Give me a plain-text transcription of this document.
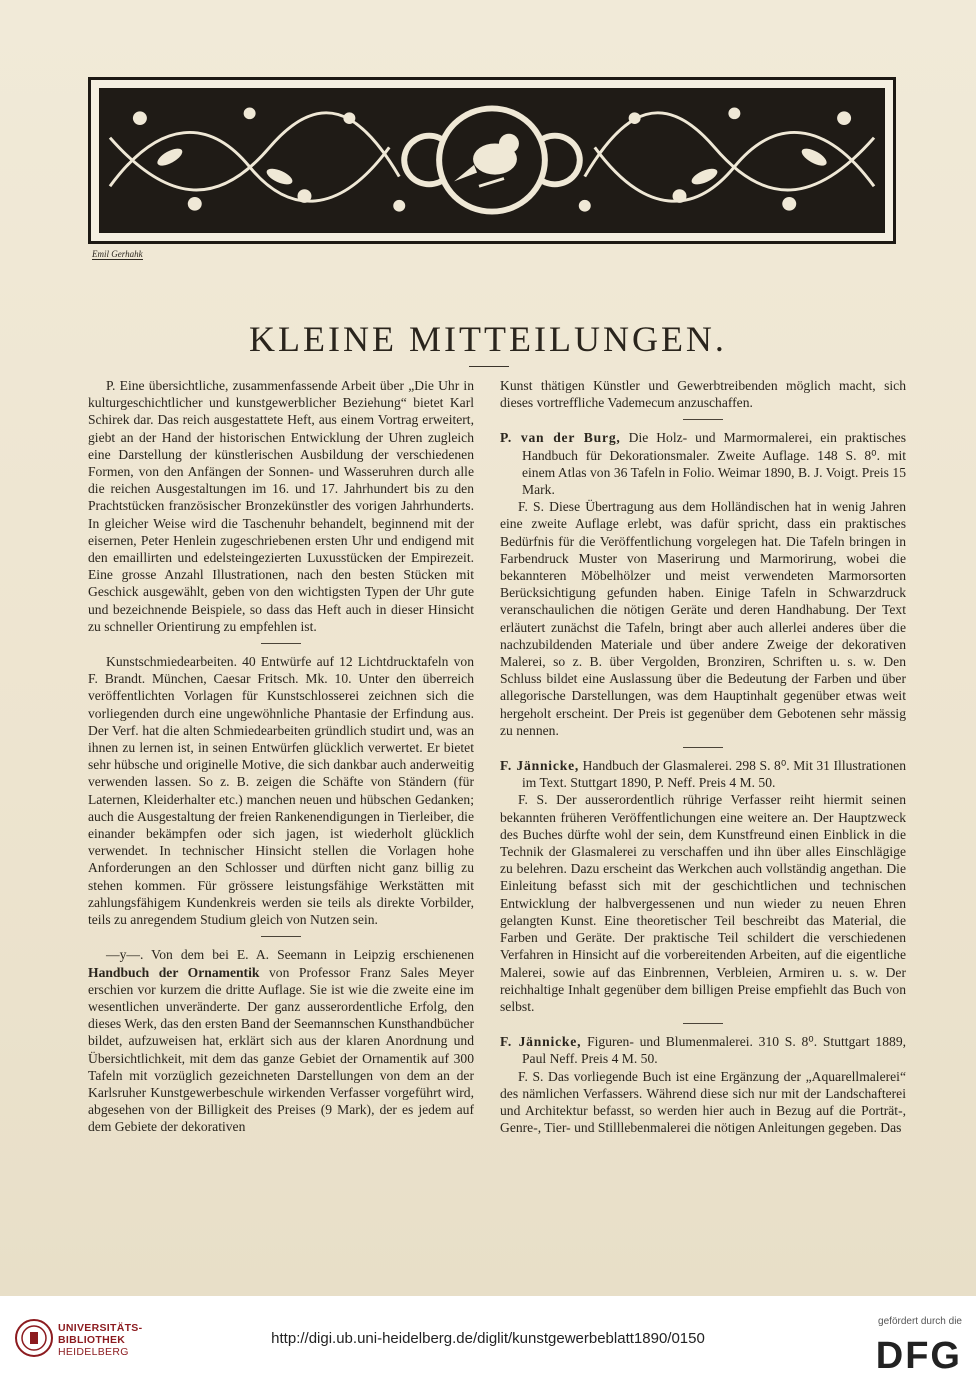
Emil Gerhahk
KLEINE MITTEILUNGEN.

P. Eine übersichtliche, zusammenfassende Arbeit über „Die Uhr in kulturgeschichtlicher und kunstgewerblicher Beziehung“ bietet Karl Schirek dar. Das reich ausgestattete Heft, aus einem Vortrag erweitert, giebt an der Hand der historischen Entwicklung der Uhren zugleich eine Darstellung der künstlerischen Ausbildung der verschiedenen Formen, von den Anfängen der Sonnen- und Wasseruhren durch alle die reichen Ausgestaltungen im 16. und 17. Jahrhundert bis zu den Prachtstücken französischer Bronzekünstler des vorigen Jahrhunderts. In gleicher Weise wird die Taschenuhr behandelt, beginnend mit der eisernen, Peter Henlein zugeschriebenen ersten Uhr und endigend mit den emaillirten und edelsteingezierten Luxusstücken der Empirezeit. Eine grosse Anzahl Illustrationen, nach den besten Stücken mit Geschick ausgewählt, geben von den wichtigsten Typen der Uhr gute und bezeichnende Beispiele, so dass das Heft auch in dieser Hinsicht zu schneller Orientirung zu empfehlen ist.

Kunstschmiedearbeiten. 40 Entwürfe auf 12 Lichtdrucktafeln von F. Brandt. München, Caesar Fritsch. Mk. 10. Unter den überreich veröffentlichten Vorlagen für Kunstschlosserei zeichnen sich die vorliegenden durch eine ungewöhnliche Phantasie der Erfindung aus. Der Verf. hat die alten Schmiedearbeiten gründlich studirt und, was an ihnen zu lernen ist, in seinen Entwürfen glücklich verwertet. Er bietet sehr hübsche und originelle Motive, die sich dankbar auch anderweitig verwenden lassen. So z. B. zeigen die Schäfte von Ständern (für Laternen, Kleiderhalter etc.) manchen neuen und hübschen Gedanken; auch die Ausgestaltung der freien Rankenendigungen in Tierleiber, die einander bekämpfen oder sich jagen, ist wiederholt glücklich verwendet. In technischer Hinsicht stellen die Vorlagen hohe Anforderungen an den Schlosser und dürften nicht ganz billig zu stehen kommen. Für grössere leistungsfähige Werkstätten mit zahlungsfähigem Kundenkreis werden sie teils als direkte Vorbilder, teils zu anregendem Studium gleich von Nutzen sein.

—y—. Von dem bei E. A. Seemann in Leipzig erschienenen Handbuch der Ornamentik von Professor Franz Sales Meyer erschien vor kurzem die dritte Auflage. Sie ist wie die zweite eine im wesentlichen unveränderte. Der ganz ausserordentliche Erfolg, den dieses Werk, das den ersten Band der Seemannschen Kunsthandbücher bildet, aufzuweisen hat, erklärt sich aus der klaren Anordnung und Übersichtlichkeit, mit dem das ganze Gebiet der Ornamentik auf 300 Tafeln mit vorzüglich gezeichneten Darstellungen von dem an der Karlsruher Kunstgewerbeschule wirkenden Verfasser vorgeführt wird, abgesehen von der Billigkeit des Preises (9 Mark), der es jedem auf dem Gebiete der dekorativen

Kunst thätigen Künstler und Gewerbtreibenden möglich macht, sich dieses vortreffliche Vademecum anzuschaffen.

P. van der Burg, Die Holz- und Marmormalerei, ein praktisches Handbuch für Dekorationsmaler. Zweite Auflage. 148 S. 8⁰. mit einem Atlas von 36 Tafeln in Folio. Weimar 1890, B. J. Voigt. Preis 15 Mark.

F. S. Diese Übertragung aus dem Holländischen hat in wenig Jahren eine zweite Auflage erlebt, was dafür spricht, dass ein praktisches Bedürfnis für die Veröffentlichung vorgelegen hat. Die Tafeln bringen in Farbendruck Muster von Maserirung und Marmorirung, wobei die bekannteren Möbelhölzer und meist verwendeten Marmorsorten Berücksichtigung gefunden haben. Einige Tafeln in Schwarzdruck veranschaulichen die nötigen Geräte und deren Handhabung. Der Text erläutert zunächst die Tafeln, bringt aber auch allerlei anderes über die nachzubildenden Materiale und über andere Zweige der dekorativen Malerei, so z. B. über Vergolden, Bronziren, Schriften u. s. w. Den Schluss bildet eine Auslassung über die Bedeutung der Farben und über allegorische Darstellungen, was dem Hauptinhalt gegenüber etwas weit hergeholt erscheint. Der Preis ist gegenüber dem Gebotenen sehr mässig zu nennen.

F. Jännicke, Handbuch der Glasmalerei. 298 S. 8⁰. Mit 31 Illustrationen im Text. Stuttgart 1890, P. Neff. Preis 4 M. 50.

F. S. Der ausserordentlich rührige Verfasser reiht hiermit seinen bekannten früheren Veröffentlichungen eine weitere an. Der Hauptzweck des Buches dürfte wohl der sein, dem Kunstfreund einen Einblick in die Technik der Glasmalerei zu verschaffen und ihn über alles Einschlägige zu belehren. Dazu erscheint das Werkchen auch vollständig angethan. Die Einleitung befasst sich mit der geschichtlichen und technischen Entwicklung der halbvergessenen und nun wieder zu neuen Ehren gelangten Kunst. Eine theoretischer Teil beschreibt das Material, die Farben und Geräte. Der praktische Teil schildert die verschiedenen Verfahren in Hinsicht auf die vorbereitenden Arbeiten, auf die eigentliche Malerei, sowie auf das Einbrennen, Verbleien, Armiren u. s. w. Der reichhaltige Inhalt gegenüber dem billigen Preise empfiehlt das Buch von selbst.

F. Jännicke, Figuren- und Blumenmalerei. 310 S. 8⁰. Stuttgart 1889, Paul Neff. Preis 4 M. 50.

F. S. Das vorliegende Buch ist eine Ergänzung der „Aquarellmalerei“ des nämlichen Verfassers. Während diese sich nur mit der Landschafterei und Architektur befasst, so werden hier auch in Bezug auf die Porträt-, Genre-, Tier- und Stilllebenmalerei die nötigen Anleitungen gegeben. Das

UNIVERSITÄTS-
BIBLIOTHEK
HEIDELBERG
http://digi.ub.uni-heidelberg.de/diglit/kunstgewerbeblatt1890/0150
gefördert durch die
DFG
